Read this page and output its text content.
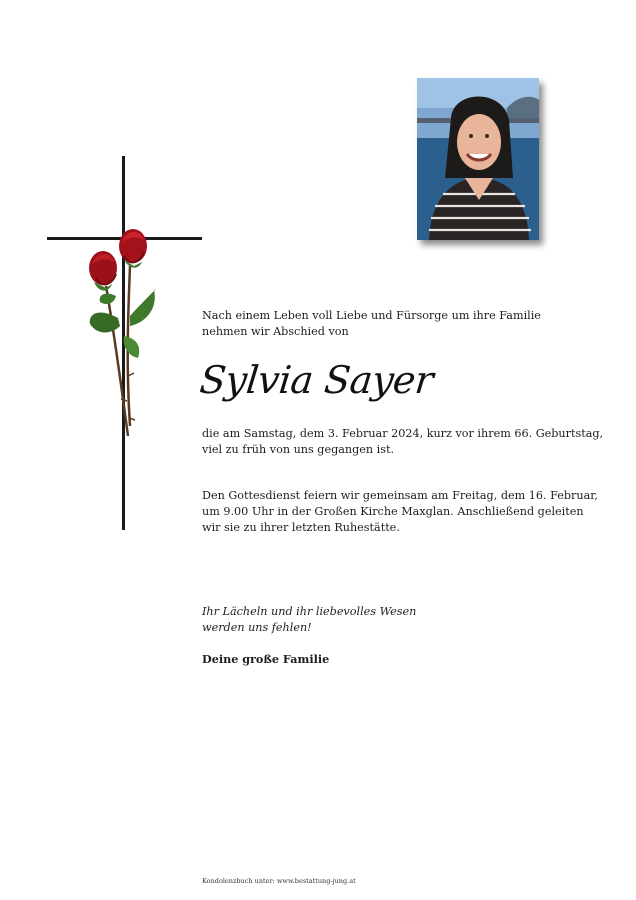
Nach einem Leben voll Liebe und Fürsorge um ihre Familie
nehmen wir Abschied von
Sylvia Sayer
die am Samstag, dem 3. Februar 2024, kurz vor ihrem 66. Geburtstag,
viel zu früh von uns gegangen ist.
Den Gottesdienst feiern wir gemeinsam am Freitag, dem 16. Februar,
um 9.00 Uhr in der Großen Kirche Maxglan. Anschließend geleiten
wir sie zu ihrer letzten Ruhestätte.
Ihr Lächeln und ihr liebevolles Wesen
werden uns fehlen!
Deine große Familie
Kondolenzbuch unter: www.bestattung-jung.at
